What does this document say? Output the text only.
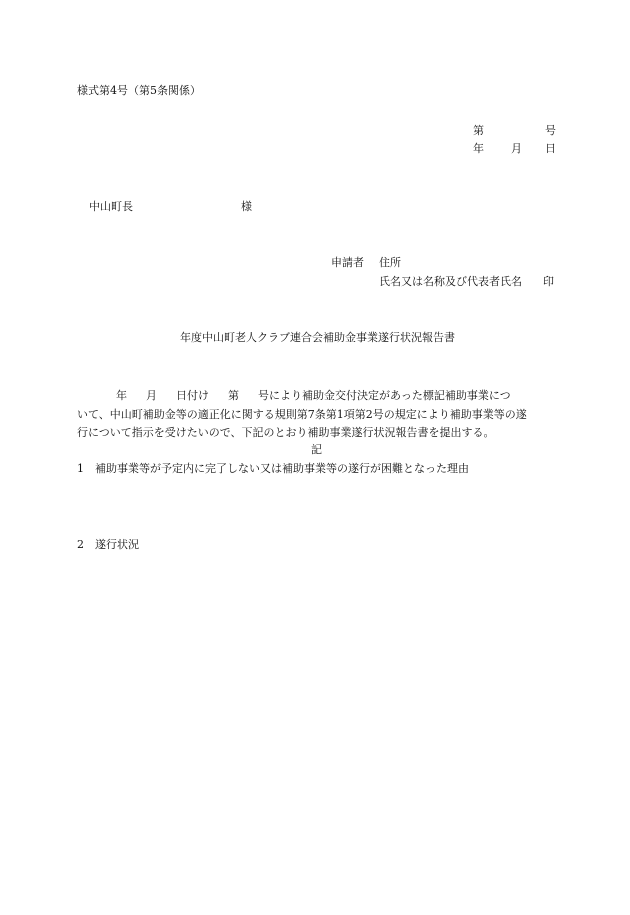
様式第4号（第5条関係）
第	号
年 月 日
中山町長	様
申請者 住所
氏名又は名称及び代表者氏名 印
年度中山町老人クラブ連合会補助金事業遂行状況報告書
年 月 日付け 第 号により補助金交付決定があった標記補助事業につ
いて、中山町補助金等の適正化に関する規則第7条第1項第2号の規定により補助事業等の遂
行について指示を受けたいので、下記のとおり補助事業遂行状況報告書を提出する。
記
1 補助事業等が予定内に完了しない又は補助事業等の遂行が困難となった理由
2 遂行状況
